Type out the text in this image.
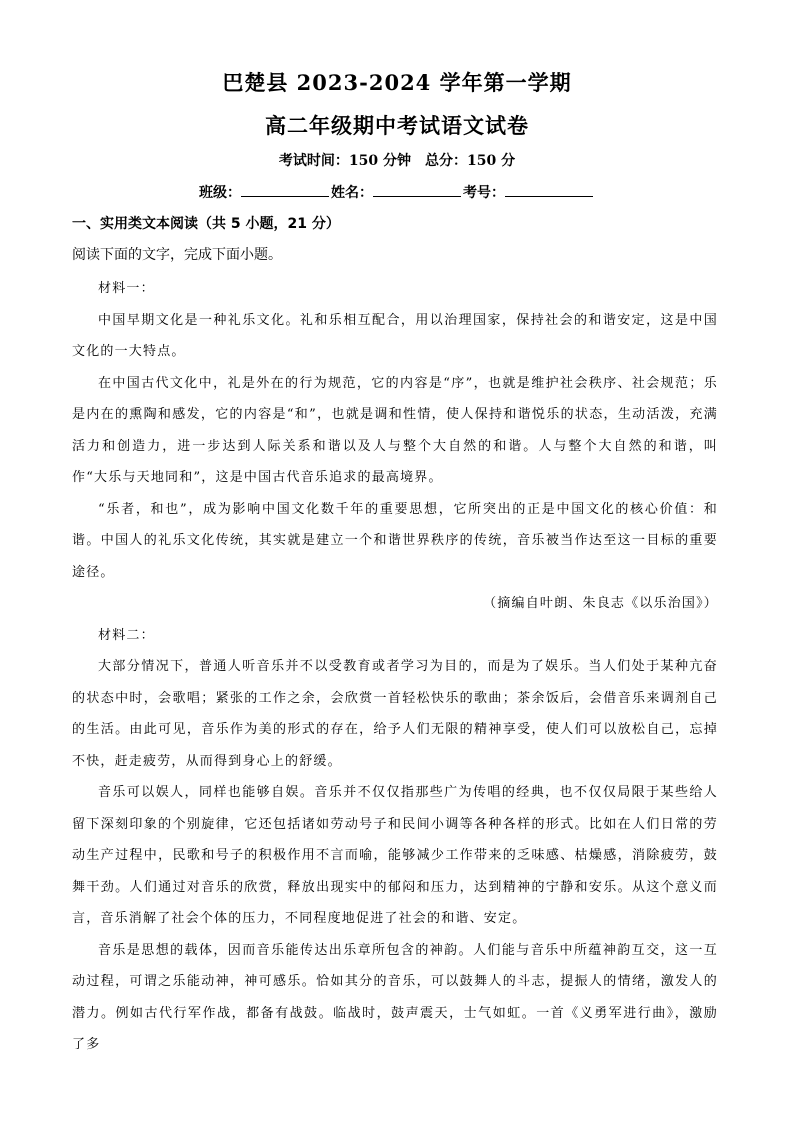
巴楚县 2023-2024 学年第一学期
高二年级期中考试语文试卷
考试时间：150 分钟 总分：150 分
班级：	姓名：	考号：
一、实用类文本阅读（共 5 小题，21 分）
阅读下面的文字，完成下面小题。

材料一：

中国早期文化是一种礼乐文化。礼和乐相互配合，用以治理国家，保持社会的和谐安定，这是中国文化的一大特点。

在中国古代文化中，礼是外在的行为规范，它的内容是“序”，也就是维护社会秩序、社会规范；乐是内在的熏陶和感发，它的内容是“和”，也就是调和性情，使人保持和谐悦乐的状态，生动活泼，充满活力和创造力，进一步达到人际关系和谐以及人与整个大自然的和谐。人与整个大自然的和谐，叫作“大乐与天地同和”，这是中国古代音乐追求的最高境界。

“乐者，和也”，成为影响中国文化数千年的重要思想，它所突出的正是中国文化的核心价值：和谐。中国人的礼乐文化传统，其实就是建立一个和谐世界秩序的传统，音乐被当作达至这一目标的重要途径。

（摘编自叶朗、朱良志《以乐治国》）

材料二：

大部分情况下，普通人听音乐并不以受教育或者学习为目的，而是为了娱乐。当人们处于某种亢奋的状态中时，会歌唱；紧张的工作之余，会欣赏一首轻松快乐的歌曲；茶余饭后，会借音乐来调剂自己的生活。由此可见，音乐作为美的形式的存在，给予人们无限的精神享受，使人们可以放松自己，忘掉不快，赶走疲劳，从而得到身心上的舒缓。

音乐可以娱人，同样也能够自娱。音乐并不仅仅指那些广为传唱的经典，也不仅仅局限于某些给人留下深刻印象的个别旋律，它还包括诸如劳动号子和民间小调等各种各样的形式。比如在人们日常的劳动生产过程中，民歌和号子的积极作用不言而喻，能够减少工作带来的乏味感、枯燥感，消除疲劳，鼓舞干劲。人们通过对音乐的欣赏，释放出现实中的郁闷和压力，达到精神的宁静和安乐。从这个意义而言，音乐消解了社会个体的压力，不同程度地促进了社会的和谐、安定。

音乐是思想的载体，因而音乐能传达出乐章所包含的神韵。人们能与音乐中所蕴神韵互交，这一互动过程，可谓之乐能动神，神可感乐。恰如其分的音乐，可以鼓舞人的斗志，提振人的情绪，激发人的潜力。例如古代行军作战，都备有战鼓。临战时，鼓声震天，士气如虹。一首《义勇军进行曲》，激励了多
